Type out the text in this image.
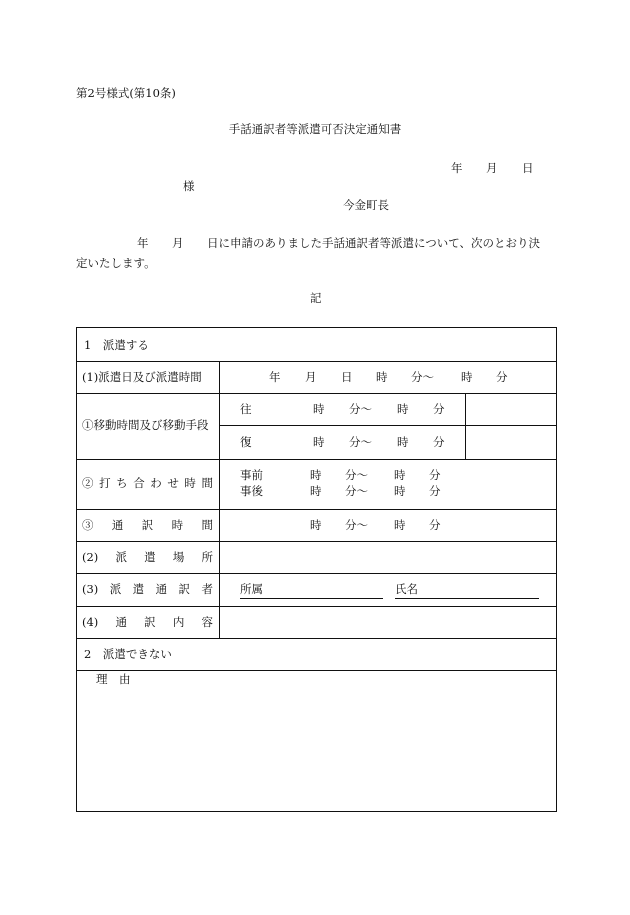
第2号様式(第10条)
手話通訳者等派遣可否決定通知書
年 月 日
様
今金町長
年 月 日に申請のありました手話通訳者等派遣について、次のとおり決
定いたします。
記
1　派遣する
(1)派遣日及び派遣時間	年 月 日 時 分〜 時 分
①移動時間及び移動手段
往	時 分〜 時 分
復	時 分〜 時 分
②打ち合わせ時間
事前	時 分〜 時 分
事後	時 分〜 時 分
③通訳時間	時 分〜 時 分
(2)派遣場所
(3)派遣通訳者 所属	氏名
(4)通訳内容
2　派遣できない
理　由
